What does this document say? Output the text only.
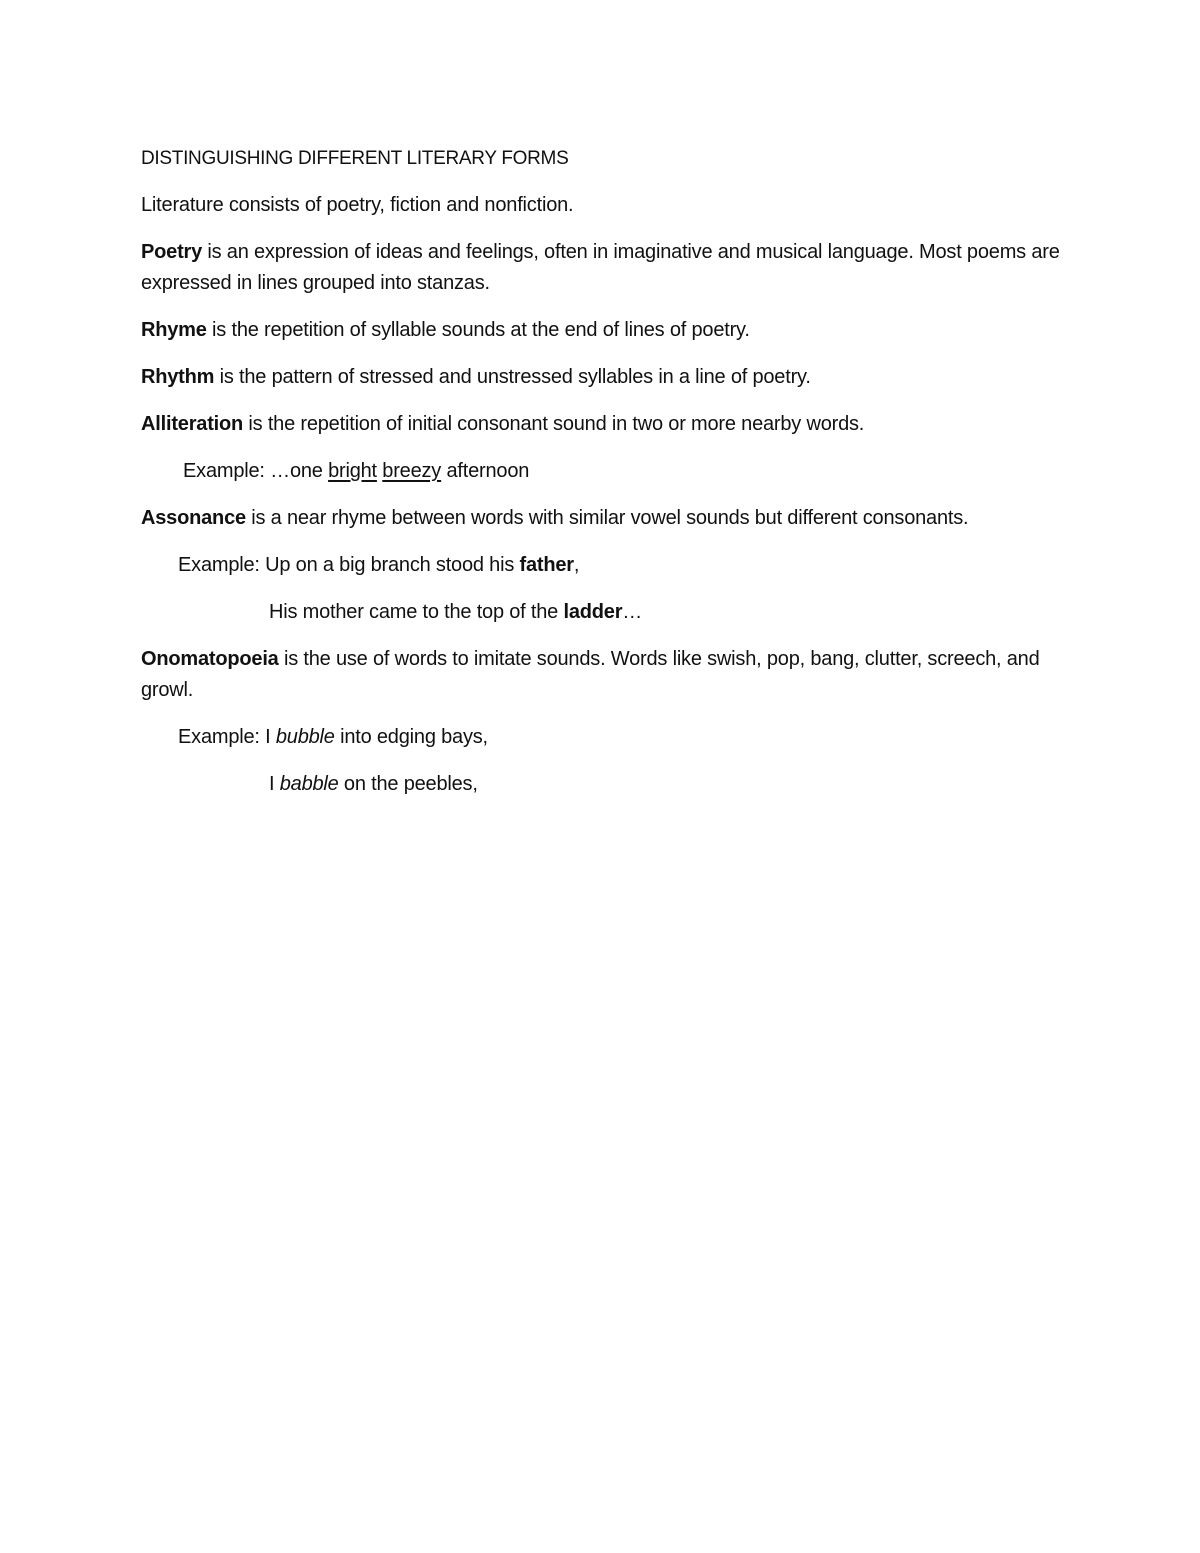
DISTINGUISHING DIFFERENT LITERARY FORMS

Literature consists of poetry, fiction and nonfiction.

Poetry is an expression of ideas and feelings, often in imaginative and musical language. Most poems are expressed in lines grouped into stanzas.

Rhyme is the repetition of syllable sounds at the end of lines of poetry.

Rhythm is the pattern of stressed and unstressed syllables in a line of poetry.

Alliteration is the repetition of initial consonant sound in two or more nearby words.

Example: …one bright breezy afternoon

Assonance is a near rhyme between words with similar vowel sounds but different consonants.

Example: Up on a big branch stood his father,

His mother came to the top of the ladder…

Onomatopoeia is the use of words to imitate sounds. Words like swish, pop, bang, clutter, screech, and growl.

Example: I bubble into edging bays,

I babble on the peebles,
